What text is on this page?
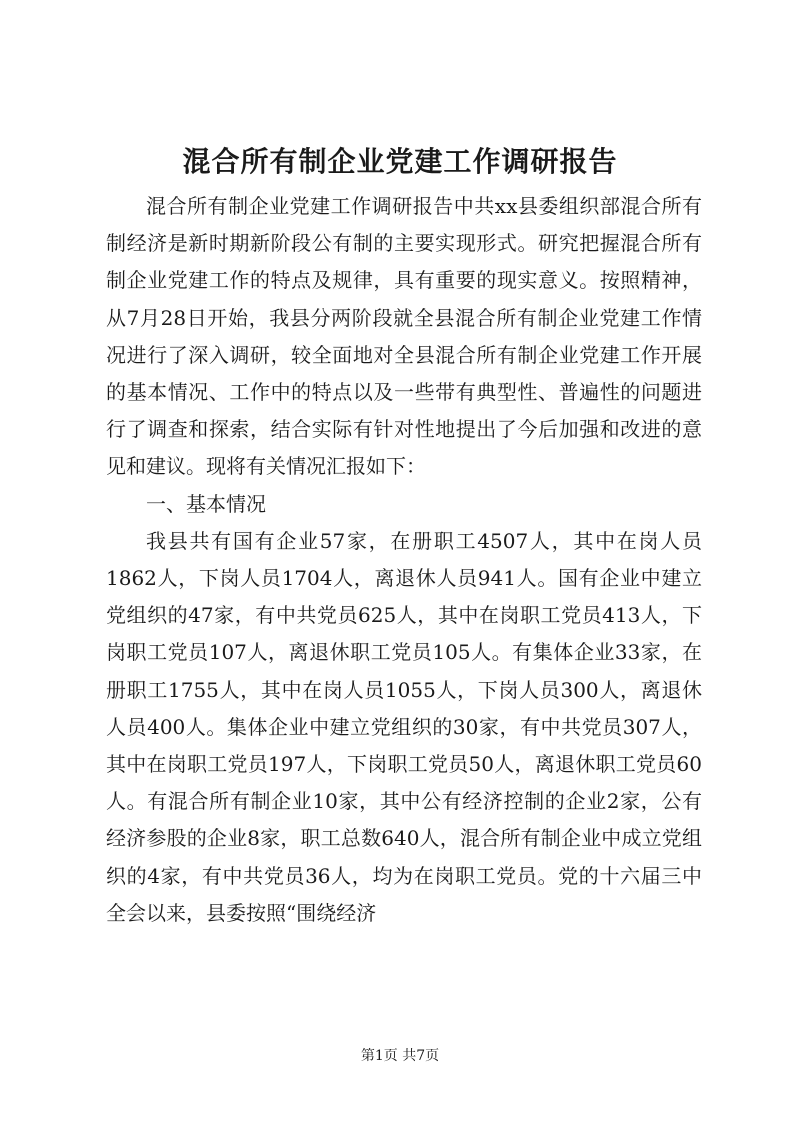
混合所有制企业党建工作调研报告

混合所有制企业党建工作调研报告中共xx县委组织部混合所有制经济是新时期新阶段公有制的主要实现形式。研究把握混合所有制企业党建工作的特点及规律，具有重要的现实意义。按照精神，从7月28日开始，我县分两阶段就全县混合所有制企业党建工作情况进行了深入调研，较全面地对全县混合所有制企业党建工作开展的基本情况、工作中的特点以及一些带有典型性、普遍性的问题进行了调查和探索，结合实际有针对性地提出了今后加强和改进的意见和建议。现将有关情况汇报如下：

一、基本情况

我县共有国有企业57家，在册职工4507人，其中在岗人员1862人，下岗人员1704人，离退休人员941人。国有企业中建立党组织的47家，有中共党员625人，其中在岗职工党员413人，下岗职工党员107人，离退休职工党员105人。有集体企业33家，在册职工1755人，其中在岗人员1055人，下岗人员300人，离退休人员400人。集体企业中建立党组织的30家，有中共党员307人，其中在岗职工党员197人，下岗职工党员50人，离退休职工党员60人。有混合所有制企业10家，其中公有经济控制的企业2家，公有经济参股的企业8家，职工总数640人，混合所有制企业中成立党组织的4家，有中共党员36人，均为在岗职工党员。党的十六届三中全会以来，县委按照“围绕经济

第1页 共7页
